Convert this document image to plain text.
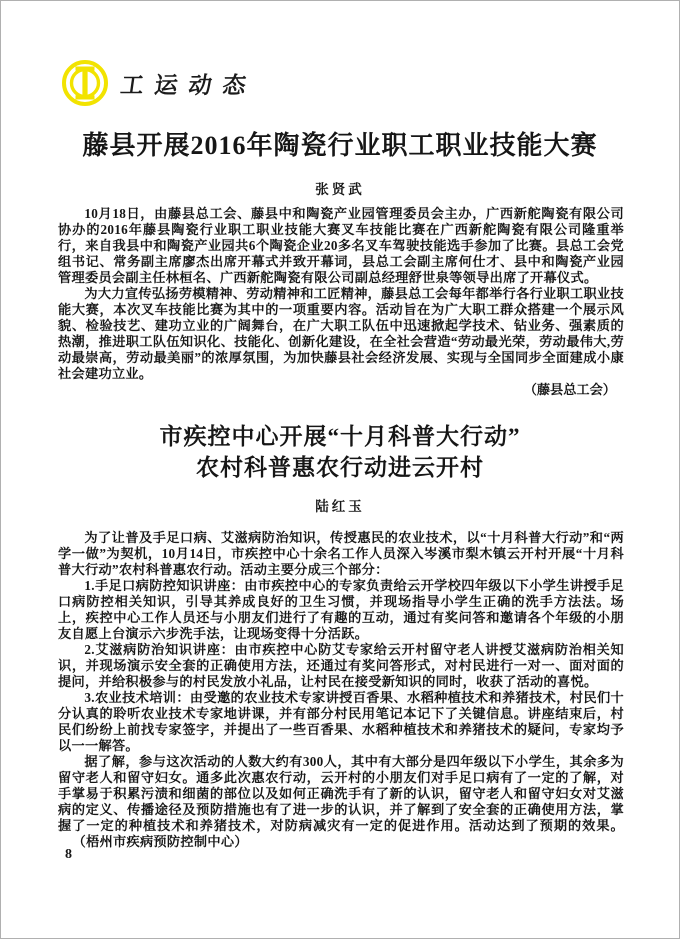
工运动态
藤县开展2016年陶瓷行业职工职业技能大赛
张贤武

10月18日，由藤县总工会、藤县中和陶瓷产业园管理委员会主办，广西新舵陶瓷有限公司协办的2016年藤县陶瓷行业职工职业技能大赛叉车技能比赛在广西新舵陶瓷有限公司隆重举行，来自我县中和陶瓷产业园共6个陶瓷企业20多名叉车驾驶技能选手参加了比赛。县总工会党组书记、常务副主席廖杰出席开幕式并致开幕词，县总工会副主席何仕才、县中和陶瓷产业园管理委员会副主任林桓名、广西新舵陶瓷有限公司副总经理舒世泉等领导出席了开幕仪式。

为大力宣传弘扬劳模精神、劳动精神和工匠精神，藤县总工会每年都举行各行业职工职业技能大赛，本次叉车技能比赛为其中的一项重要内容。活动旨在为广大职工群众搭建一个展示风貌、检验技艺、建功立业的广阔舞台，在广大职工队伍中迅速掀起学技术、钻业务、强素质的热潮，推进职工队伍知识化、技能化、创新化建设，在全社会营造“劳动最光荣，劳动最伟大,劳动最崇高，劳动最美丽”的浓厚氛围，为加快藤县社会经济发展、实现与全国同步全面建成小康社会建功立业。

（藤县总工会）

市疾控中心开展“十月科普大行动”
农村科普惠农行动进云开村
陆红玉

为了让普及手足口病、艾滋病防治知识，传授惠民的农业技术，以“十月科普大行动”和“两学一做”为契机，10月14日，市疾控中心十余名工作人员深入岑溪市梨木镇云开村开展“十月科普大行动”农村科普惠农行动。活动主要分成三个部分：

1.手足口病防控知识讲座：由市疾控中心的专家负责给云开学校四年级以下小学生讲授手足口病防控相关知识，引导其养成良好的卫生习惯，并现场指导小学生正确的洗手方法法。场上，疾控中心工作人员还与小朋友们进行了有趣的互动，通过有奖问答和邀请各个年级的小朋友自愿上台演示六步洗手法，让现场变得十分活跃。

2.艾滋病防治知识讲座：由市疾控中心防艾专家给云开村留守老人讲授艾滋病防治相关知识，并现场演示安全套的正确使用方法，还通过有奖问答形式，对村民进行一对一、面对面的提问，并给积极参与的村民发放小礼品，让村民在接受新知识的同时，收获了活动的喜悦。

3.农业技术培训：由受邀的农业技术专家讲授百香果、水稻种植技术和养猪技术，村民们十分认真的聆听农业技术专家地讲课，并有部分村民用笔记本记下了关键信息。讲座结束后，村民们纷纷上前找专家签字，并提出了一些百香果、水稻种植技术和养猪技术的疑问，专家均予以一一解答。

据了解，参与这次活动的人数大约有300人，其中有大部分是四年级以下小学生，其余多为留守老人和留守妇女。通多此次惠农行动，云开村的小朋友们对手足口病有了一定的了解，对手掌易于积累污渍和细菌的部位以及如何正确洗手有了新的认识，留守老人和留守妇女对艾滋病的定义、传播途径及预防措施也有了进一步的认识，并了解到了安全套的正确使用方法，掌握了一定的种植技术和养猪技术，对防病减灾有一定的促进作用。活动达到了预期的效果。（梧州市疾病预防控制中心）

8
